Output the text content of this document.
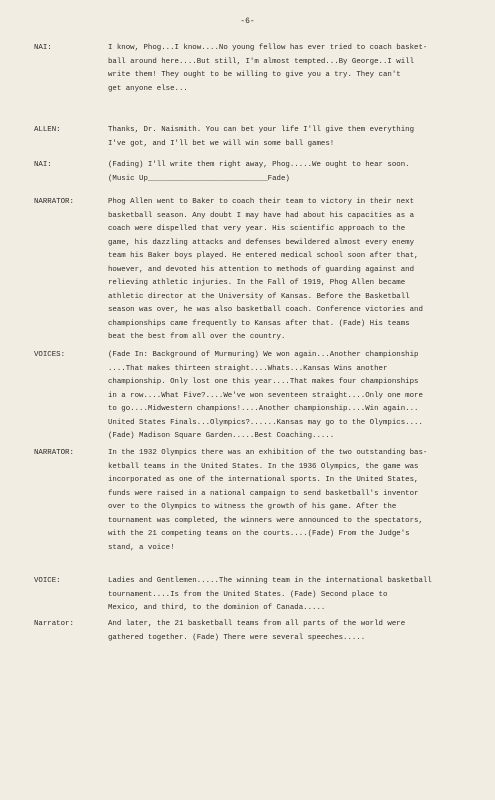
-6-
NAI:	I know, Phog...I know....No young fellow has ever tried to coach basket-
ball around here....But still, I'm almost tempted...By George..I will
write them! They ought to be willing to give you a try. They can't
get anyone else...
ALLEN:	Thanks, Dr. Naismith. You can bet your life I'll give them everything
I've got, and I'll bet we will win some ball games!
NAI:	(Fading) I'll write them right away, Phog.....We ought to hear soon.
(Music Up___________________________Fade)
NARRATOR:	Phog Allen went to Baker to coach their team to victory in their next
basketball season. Any doubt I may have had about his capacities as a
coach were dispelled that very year. His scientific approach to the
game, his dazzling attacks and defenses bewildered almost every enemy
team his Baker boys played. He entered medical school soon after that,
however, and devoted his attention to methods of guarding against and
relieving athletic injuries. In the Fall of 1919, Phog Allen became
athletic director at the University of Kansas. Before the Basketball
season was over, he was also basketball coach. Conference victories and
championships came frequently to Kansas after that. (Fade) His teams
beat the best from all over the country.
VOICES:	(Fade In: Background of Murmuring) We won again...Another championship
....That makes thirteen straight....Whats...Kansas Wins another
championship. Only lost one this year....That makes four championships
in a row....What Five?....We've won seventeen straight....Only one more
to go....Midwestern champions!....Another championship....Win again...
United States Finals...Olympics?......Kansas may go to the Olympics....
(Fade) Madison Square Garden.....Best Coaching.....
NARRATOR:	In the 1932 Olympics there was an exhibition of the two outstanding bas-
ketball teams in the United States. In the 1936 Olympics, the game was
incorporated as one of the international sports. In the United States,
funds were raised in a national campaign to send basketball's inventor
over to the Olympics to witness the growth of his game. After the
tournament was completed, the winners were announced to the spectators,
with the 21 competing teams on the courts....(Fade) From the Judge's
stand, a voice!
VOICE:	Ladies and Gentlemen.....The winning team in the international basketball
tournament....Is from the United States. (Fade) Second place to
Mexico, and third, to the dominion of Canada.....
Narrator:	And later, the 21 basketball teams from all parts of the world were
gathered together. (Fade) There were several speeches.....
